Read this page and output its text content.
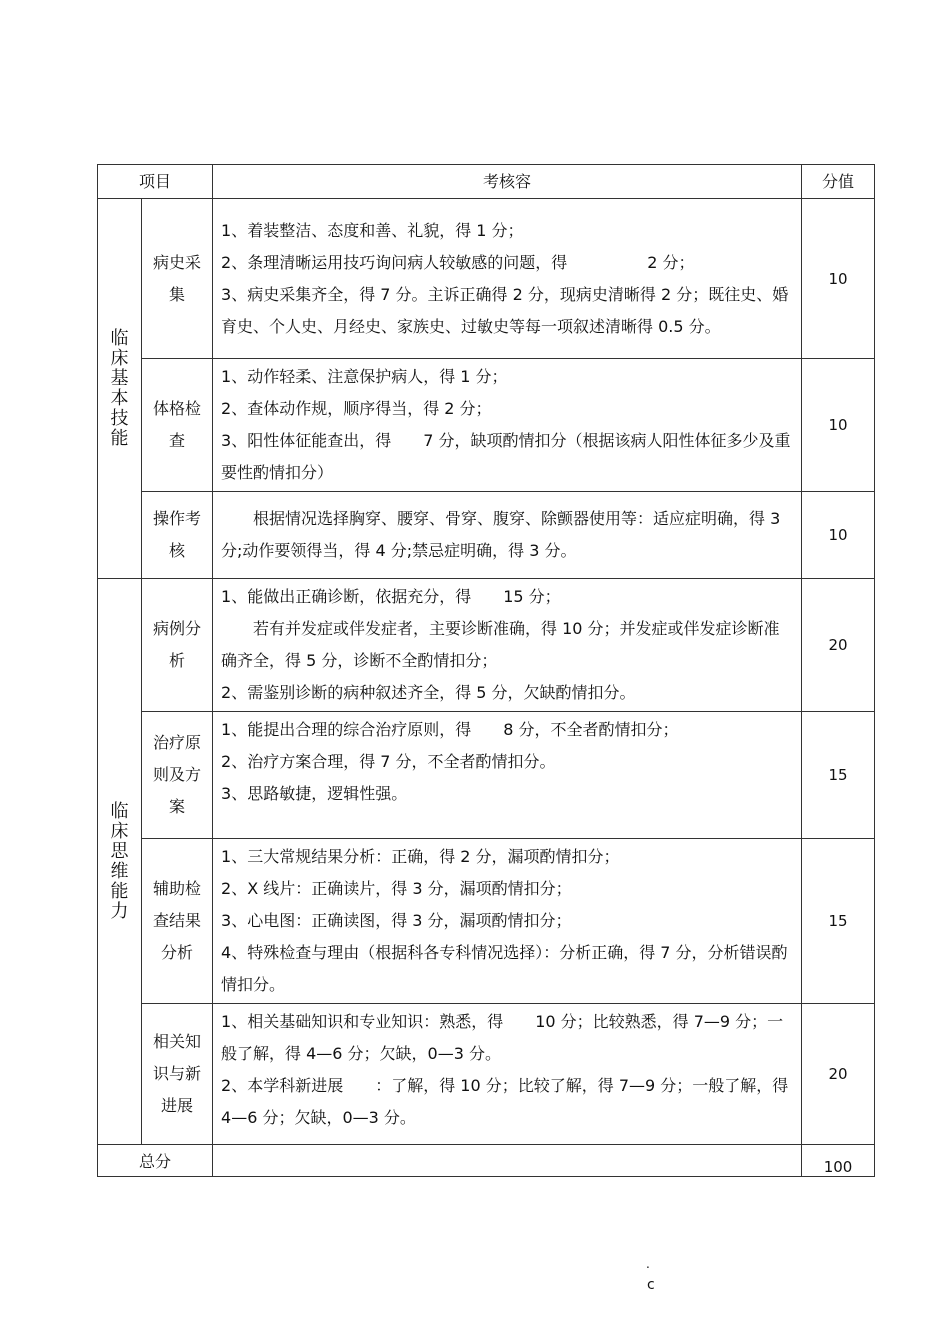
项目		考核容	分值
临床基本技能	病史采集	1、着装整洁、态度和善、礼貌，得 1 分；
2、条理清晰运用技巧询问病人较敏感的问题，得　　　　　2 分；
3、病史采集齐全，得 7 分。主诉正确得 2 分，现病史清晰得 2 分；既往史、婚育史、个人史、月经史、家族史、过敏史等每一项叙述清晰得 0.5 分。	10
	体格检查	1、动作轻柔、注意保护病人，得 1 分；
2、查体动作规，顺序得当，得 2 分；
3、阳性体征能查出，得　　7 分，缺项酌情扣分（根据该病人阳性体征多少及重要性酌情扣分）	10
	操作考核	　　根据情况选择胸穿、腰穿、骨穿、腹穿、除颤器使用等：适应症明确，得 3 分;动作要领得当，得 4 分;禁忌症明确，得 3 分。	10
临床思维能力	病例分析	1、能做出正确诊断，依据充分，得　　15 分；
　　若有并发症或伴发症者，主要诊断准确，得 10 分；并发症或伴发症诊断准确齐全，得 5 分，诊断不全酌情扣分；
2、需鉴别诊断的病种叙述齐全，得 5 分，欠缺酌情扣分。	20
	治疗原则及方案	1、能提出合理的综合治疗原则，得　　8 分，不全者酌情扣分；
2、治疗方案合理，得 7 分，不全者酌情扣分。
3、思路敏捷，逻辑性强。	15
	辅助检查结果分析	1、三大常规结果分析：正确，得 2 分，漏项酌情扣分；
2、X 线片：正确读片，得 3 分，漏项酌情扣分；
3、心电图：正确读图，得 3 分，漏项酌情扣分；
4、特殊检查与理由（根据科各专科情况选择）：分析正确，得 7 分，分析错误酌情扣分。	15
	相关知识与新进展	1、相关基础知识和专业知识：熟悉，得　　10 分；比较熟悉，得 7—9 分；一般了解，得 4—6 分；欠缺，0—3 分。
2、本学科新进展　　：了解，得 10 分；比较了解，得 7—9 分；一般了解，得 4—6 分；欠缺，0—3 分。	20
总分			100
.
c
